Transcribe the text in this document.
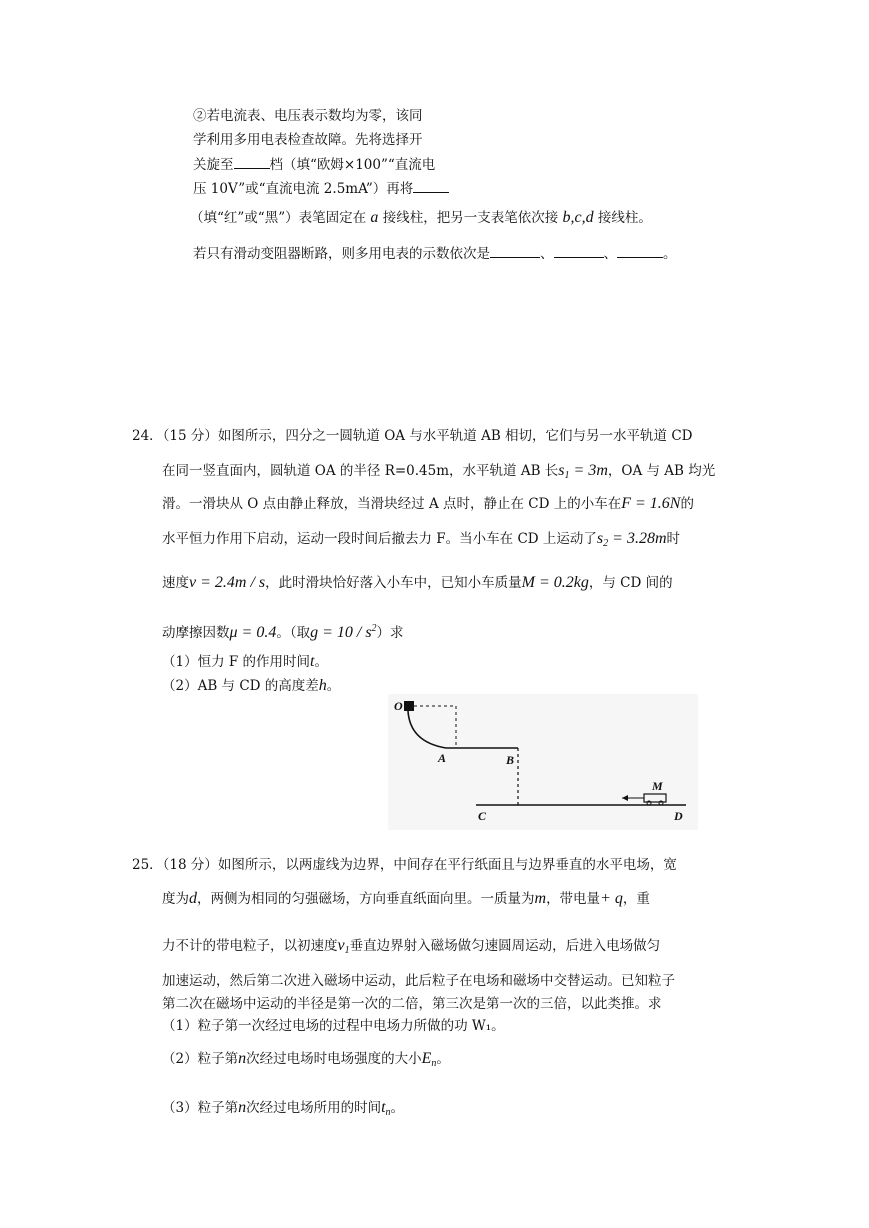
②若电流表、电压表示数均为零，该同
学利用多用电表检查故障。先将选择开
关旋至	档（填“欧姆×100”“直流电
压 10V”或“直流电流 2.5mA”）再将
（填“红”或“黑”）表笔固定在 a 接线柱，把另一支表笔依次接 b,c,d 接线柱。
若只有滑动变阻器断路，则多用电表的示数依次是	、	、	。
24．（15 分）如图所示，四分之一圆轨道 OA 与水平轨道 AB 相切，它们与另一水平轨道 CD
在同一竖直面内，圆轨道 OA 的半径 R=0.45m，水平轨道 AB 长$s_1 = 3m$，OA 与 AB 均光
滑。一滑块从 O 点由静止释放，当滑块经过 A 点时，静止在 CD 上的小车在F = 1.6N的
水平恒力作用下启动，运动一段时间后撤去力 F。当小车在 CD 上运动了$s_2 = 3.28m$时
速度v = 2.4m / s，此时滑块恰好落入小车中，已知小车质量M = 0.2kg，与 CD 间的
动摩擦因数μ = 0.4。（取$g = 10 / s^2$）求
（1）恒力 F 的作用时间t。
（2）AB 与 CD 的高度差h。
O
A	B
C	D
M
25．（18 分）如图所示，以两虚线为边界，中间存在平行纸面且与边界垂直的水平电场，宽
度为d，两侧为相同的匀强磁场，方向垂直纸面向里。一质量为m，带电量+ q，重
力不计的带电粒子，以初速度$v_1$垂直边界射入磁场做匀速圆周运动，后进入电场做匀
加速运动，然后第二次进入磁场中运动，此后粒子在电场和磁场中交替运动。已知粒子
第二次在磁场中运动的半径是第一次的二倍，第三次是第一次的三倍，以此类推。求
（1）粒子第一次经过电场的过程中电场力所做的功 W₁。
（2）粒子第n次经过电场时电场强度的大小$E_n$。
（3）粒子第n次经过电场所用的时间$t_n$。
